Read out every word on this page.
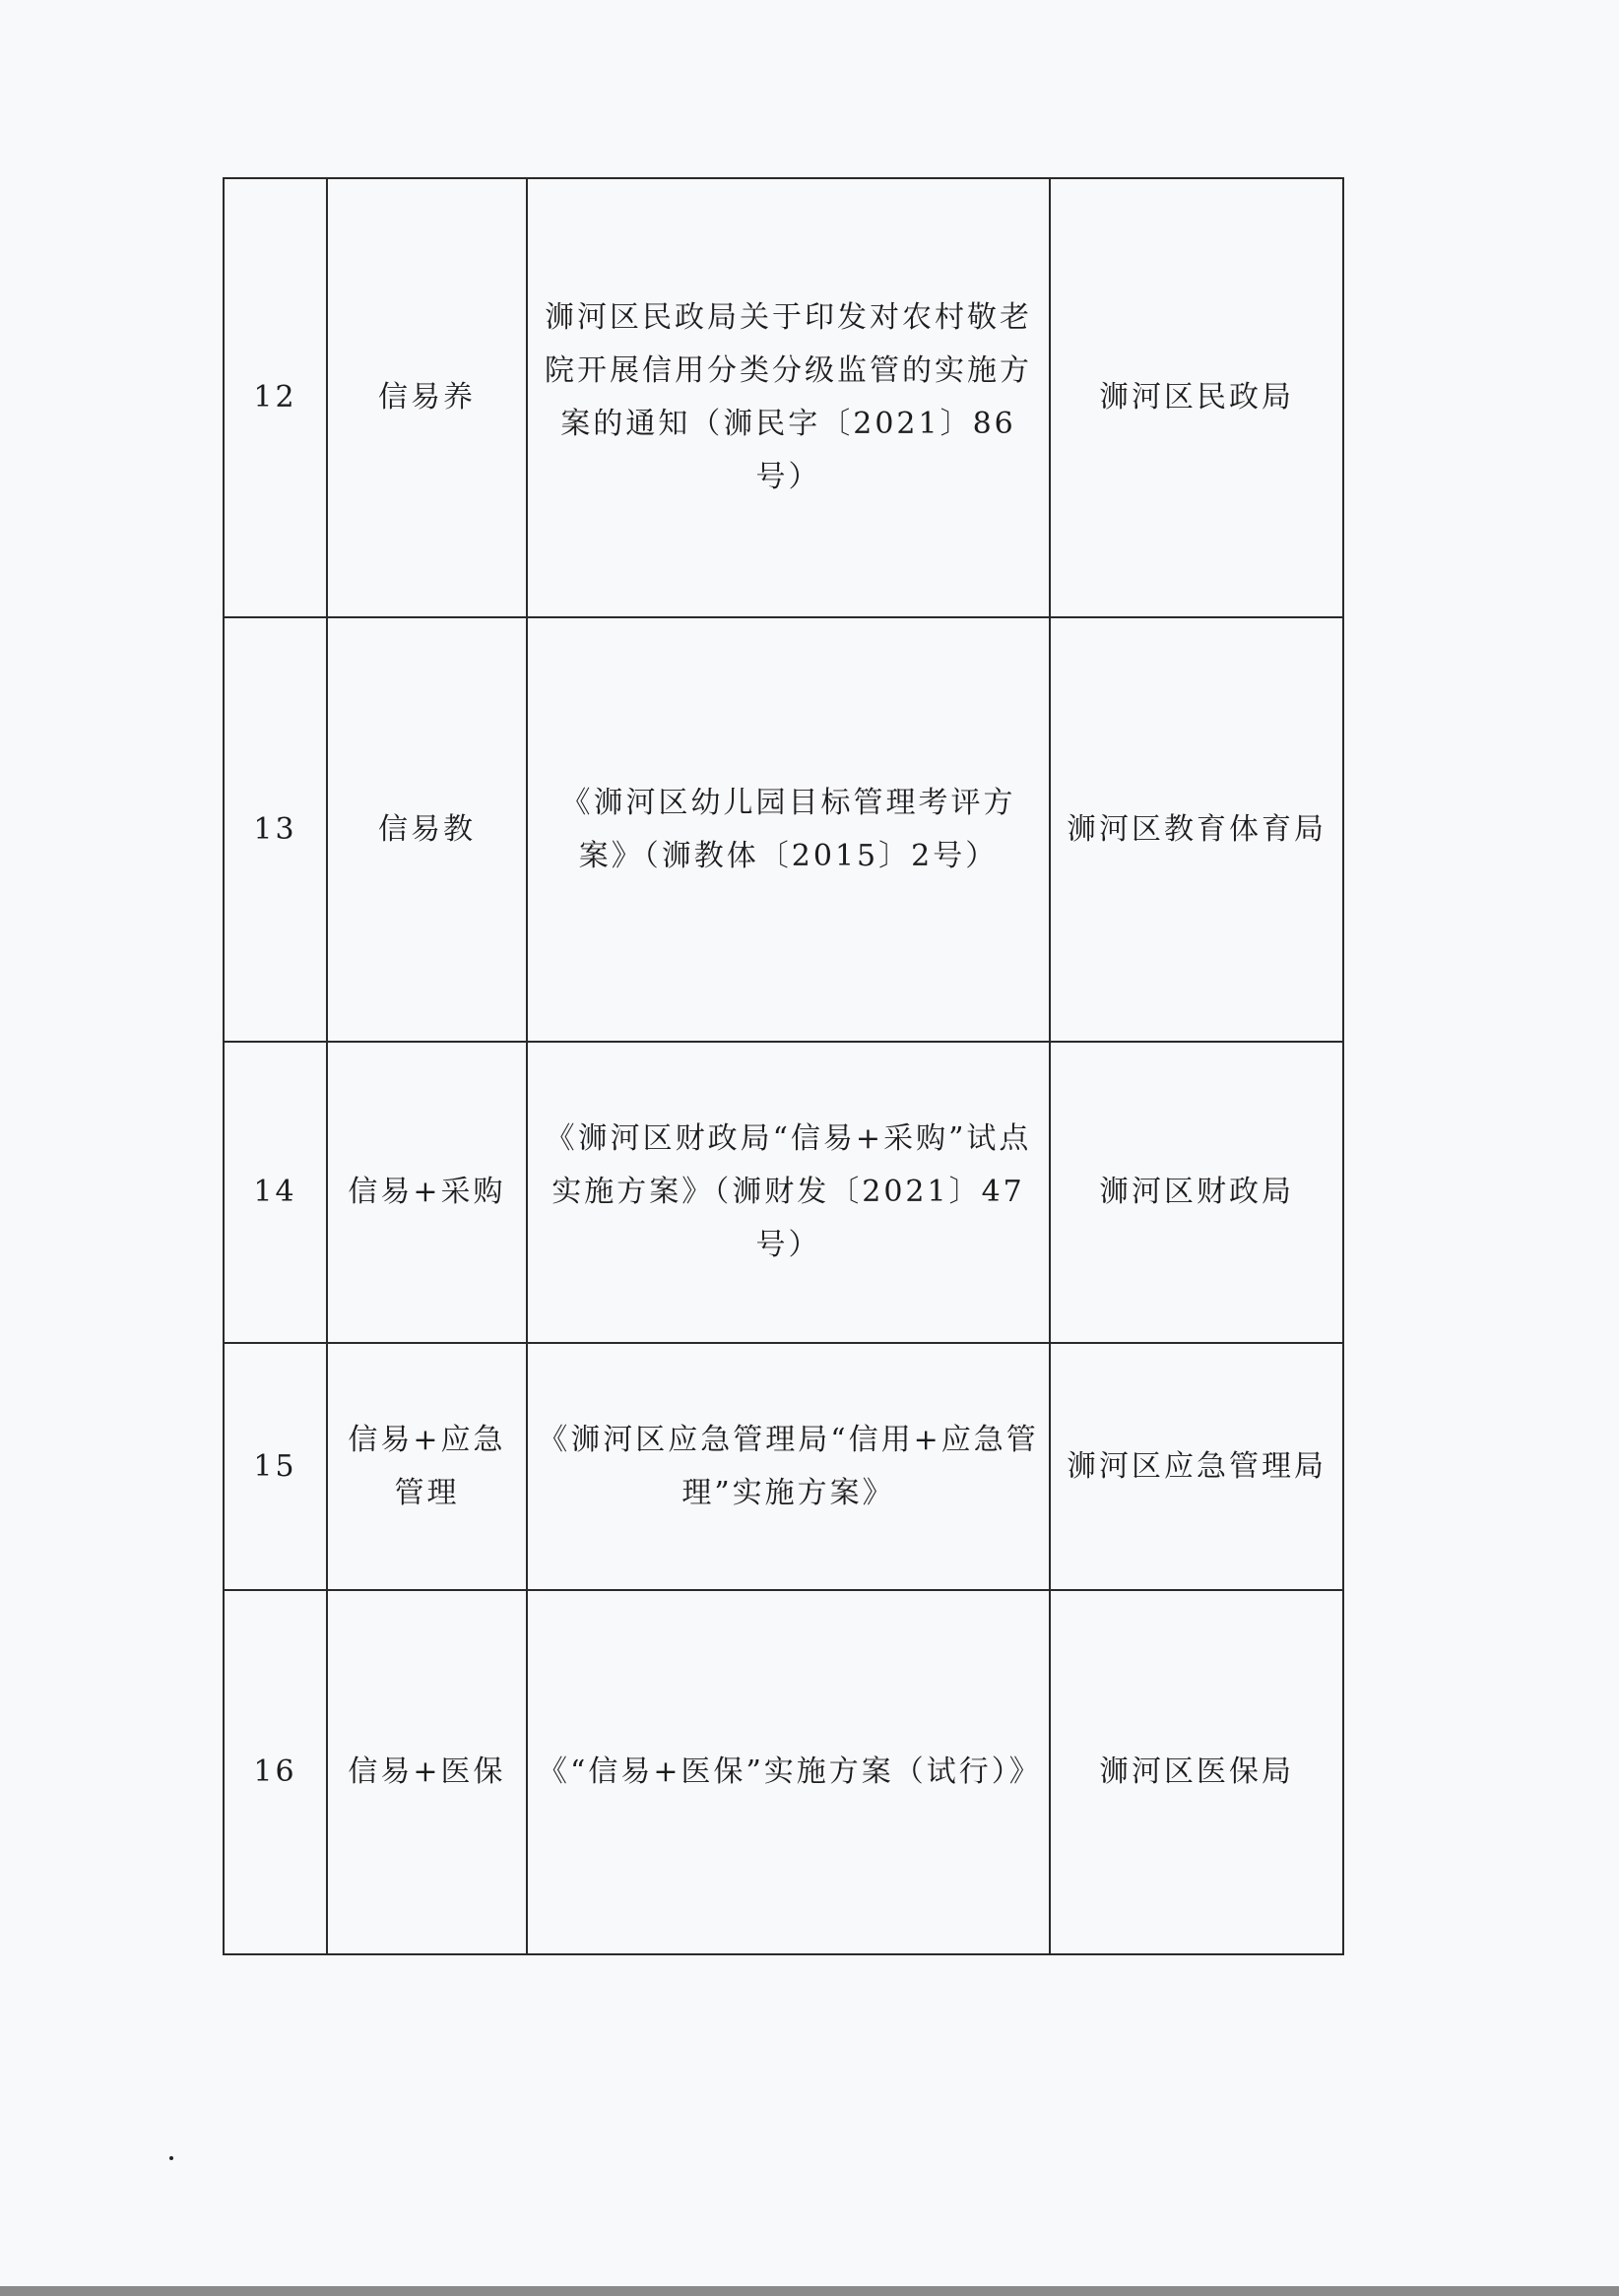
12	信易养	浉河区民政局关于印发对农村敬老院开展信用分类分级监管的实施方案的通知（浉民字〔2021〕86号）	浉河区民政局
13	信易教	《浉河区幼儿园目标管理考评方案》（浉教体〔2015〕2号）	浉河区教育体育局
14	信易+采购	《浉河区财政局“信易+采购”试点实施方案》（浉财发〔2021〕47号）	浉河区财政局
15	信易+应急管理	《浉河区应急管理局“信用+应急管理”实施方案》	浉河区应急管理局
16	信易+医保	《“信易+医保”实施方案（试行）》	浉河区医保局
